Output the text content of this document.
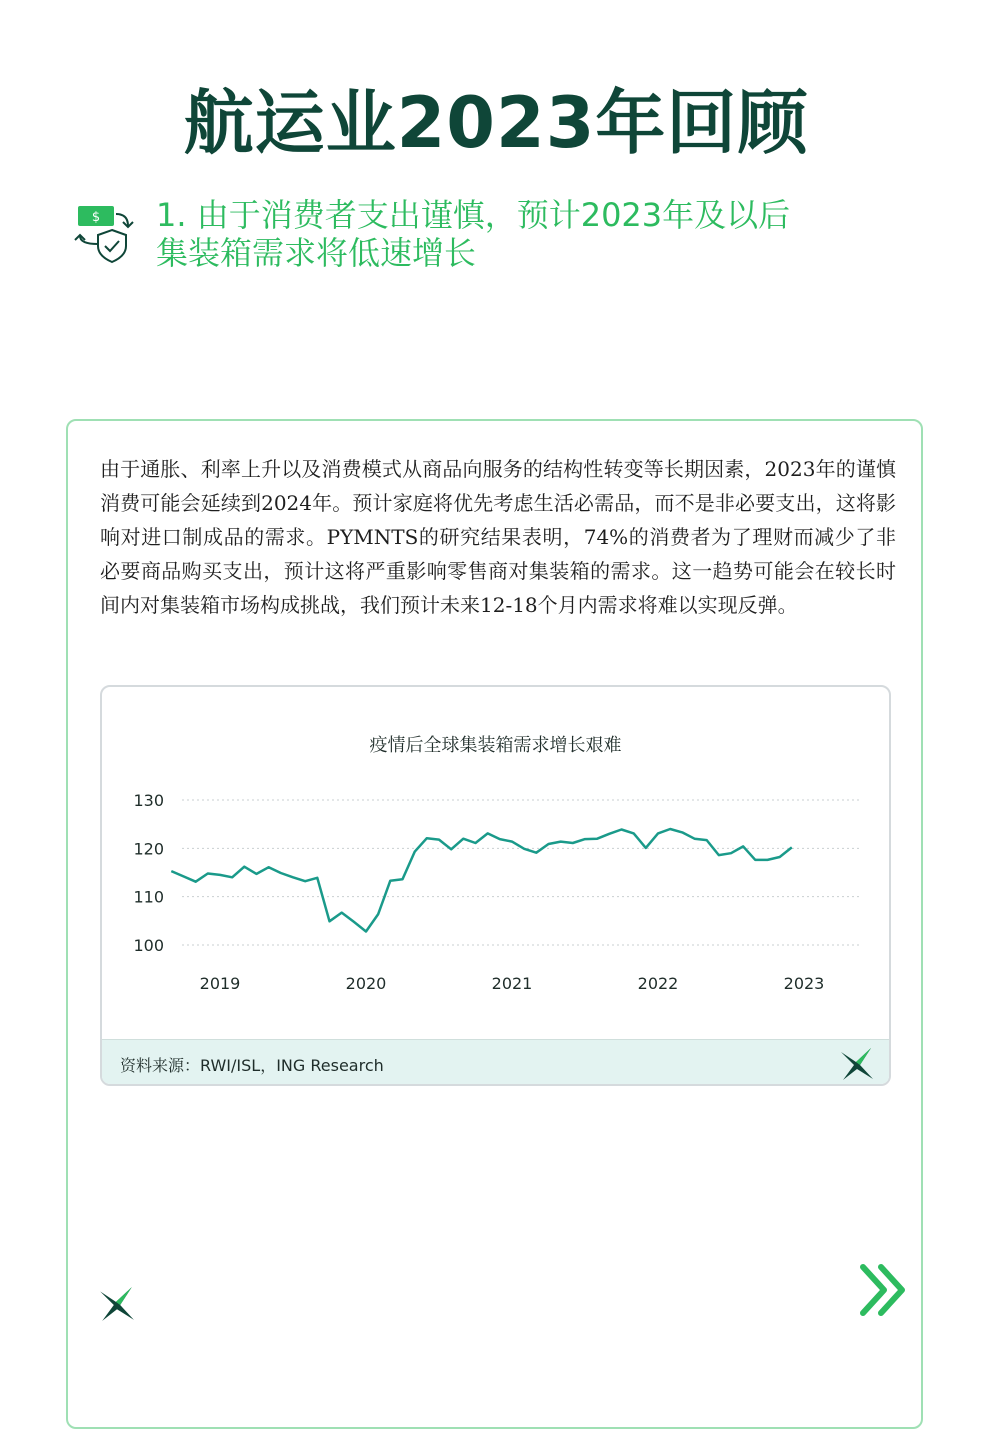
航运业2023年回顾
$ 1. 由于消费者支出谨慎，预计2023年及以后集装箱需求将低速增长
由于通胀、利率上升以及消费模式从商品向服务的结构性转变等长期因素，2023年的谨慎消费可能会延续到2024年。预计家庭将优先考虑生活必需品，而不是非必要支出，这将影响对进口制成品的需求。PYMNTS的研究结果表明，74%的消费者为了理财而减少了非必要商品购买支出，预计这将严重影响零售商对集装箱的需求。这一趋势可能会在较长时间内对集装箱市场构成挑战，我们预计未来12-18个月内需求将难以实现反弹。
疫情后全球集装箱需求增长艰难
130
120
110
100
2019	2020	2021	2022	2023
资料来源：RWI/ISL，ING Research
